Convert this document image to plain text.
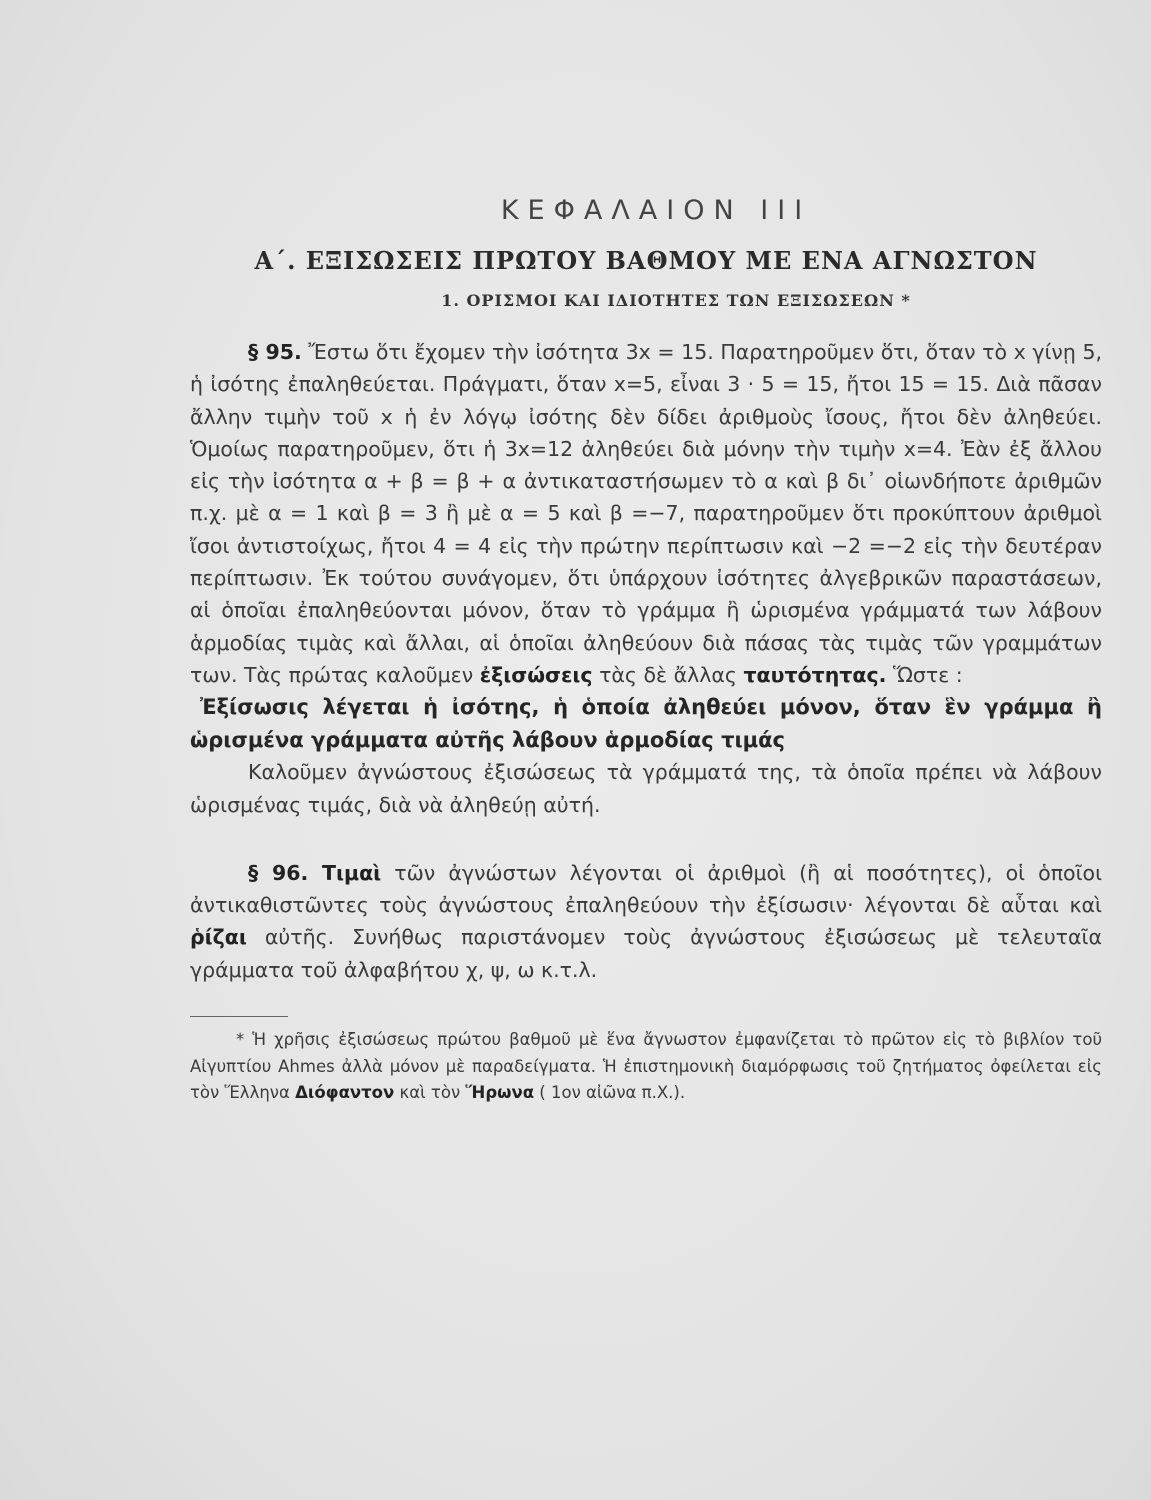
ΚΕΦΑΛΑΙΟΝ ΙΙΙ
Α΄. ΕΞΙΣΩΣΕΙΣ ΠΡΩΤΟΥ ΒΑΘΜΟΥ ΜΕ ΕΝΑ ΑΓΝΩΣΤΟΝ
1. ΟΡΙΣΜΟΙ ΚΑΙ ΙΔΙΟΤΗΤΕΣ ΤΩΝ ΕΞΙΣΩΣΕΩΝ *

§ 95. Ἔστω ὅτι ἔχομεν τὴν ἰσότητα 3x = 15. Παρατηροῦμεν ὅτι, ὅταν τὸ x γίνῃ 5, ἡ ἰσότης ἐπαληθεύεται. Πράγματι, ὅταν x=5, εἶναι 3 · 5 = 15, ἤτοι 15 = 15. Διὰ πᾶσαν ἄλλην τιμὴν τοῦ x ἡ ἐν λόγῳ ἰσότης δὲν δίδει ἀριθμοὺς ἴσους, ἤτοι δὲν ἀληθεύει. Ὁμοίως παρατηροῦμεν, ὅτι ἡ 3x=12 ἀληθεύει διὰ μόνην τὴν τιμὴν x=4. Ἐὰν ἐξ ἄλλου εἰς τὴν ἰσότητα α + β = β + α ἀντικαταστήσωμεν τὸ α καὶ β δι᾽ οἱωνδήποτε ἀριθμῶν π.χ. μὲ α = 1 καὶ β = 3 ἢ μὲ α = 5 καὶ β =−7, παρατηροῦμεν ὅτι προκύπτουν ἀριθμοὶ ἴσοι ἀντιστοίχως, ἤτοι 4 = 4 εἰς τὴν πρώτην περίπτωσιν καὶ −2 =−2 εἰς τὴν δευτέραν περίπτωσιν. Ἐκ τούτου συνάγομεν, ὅτι ὑπάρχουν ἰσότητες ἀλγεβρικῶν παραστάσεων, αἱ ὁποῖαι ἐπαληθεύονται μόνον, ὅταν τὸ γράμμα ἢ ὡρισμένα γράμματά των λάβουν ἁρμοδίας τιμὰς καὶ ἄλλαι, αἱ ὁποῖαι ἀληθεύουν διὰ πάσας τὰς τιμὰς τῶν γραμμάτων των. Τὰς πρώτας καλοῦμεν ἐξισώσεις τὰς δὲ ἄλλας ταυτότητας. Ὥστε :

Ἐξίσωσις λέγεται ἡ ἰσότης, ἡ ὁποία ἀληθεύει μόνον, ὅταν ἓν γράμμα ἢ ὡρισμένα γράμματα αὐτῆς λάβουν ἁρμοδίας τιμάς

Καλοῦμεν ἀγνώστους ἐξισώσεως τὰ γράμματά της, τὰ ὁποῖα πρέπει νὰ λάβουν ὡρισμένας τιμάς, διὰ νὰ ἀληθεύῃ αὐτή.

§ 96. Τιμαὶ τῶν ἀγνώστων λέγονται οἱ ἀριθμοὶ (ἢ αἱ ποσότητες), οἱ ὁποῖοι ἀντικαθιστῶντες τοὺς ἀγνώστους ἐπαληθεύουν τὴν ἐξίσωσιν· λέγονται δὲ αὗται καὶ ῥίζαι αὐτῆς. Συνήθως παριστάνομεν τοὺς ἀγνώστους ἐξισώσεως μὲ τελευταῖα γράμματα τοῦ ἀλφαβήτου χ, ψ, ω κ.τ.λ.

* Ἡ χρῆσις ἐξισώσεως πρώτου βαθμοῦ μὲ ἕνα ἄγνωστον ἐμφανίζεται τὸ πρῶτον εἰς τὸ βιβλίον τοῦ Αἰγυπτίου Ahmes ἀλλὰ μόνον μὲ παραδείγματα. Ἡ ἐπιστημονικὴ διαμόρφωσις τοῦ ζητήματος ὀφείλεται εἰς τὸν Ἕλληνα Διόφαντον καὶ τὸν Ἥρωνα ( 1ον αἰῶνα π.Χ.).
